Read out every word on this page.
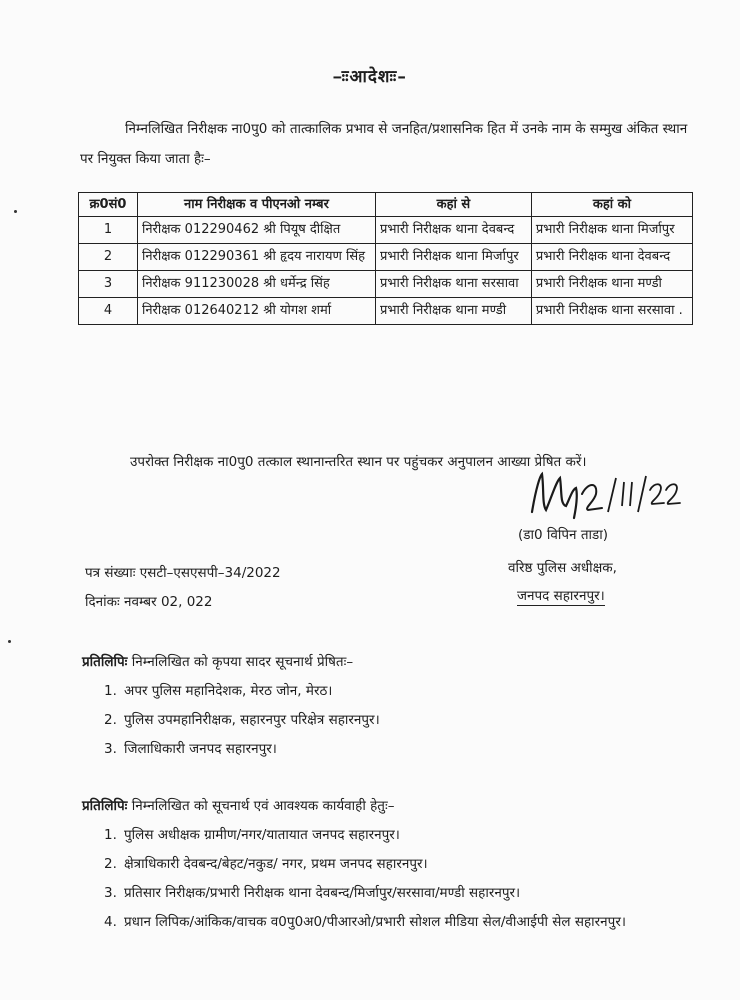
–ःःआदेशःः–
निम्नलिखित निरीक्षक ना0पु0 को तात्कालिक प्रभाव से जनहित/प्रशासनिक हित में उनके नाम के सम्मुख अंकित स्थान पर नियुक्त किया जाता हैः–
क्र0सं0	नाम निरीक्षक व पीएनओ नम्बर	कहां से	कहां को
1	निरीक्षक 012290462 श्री पियूष दीक्षित	प्रभारी निरीक्षक थाना देवबन्द	प्रभारी निरीक्षक थाना मिर्जापुर
2	निरीक्षक 012290361 श्री हृदय नारायण सिंह	प्रभारी निरीक्षक थाना मिर्जापुर	प्रभारी निरीक्षक थाना देवबन्द
3	निरीक्षक 911230028 श्री धर्मेन्द्र सिंह	प्रभारी निरीक्षक थाना सरसावा	प्रभारी निरीक्षक थाना मण्डी
4	निरीक्षक 012640212 श्री योगश शर्मा	प्रभारी निरीक्षक थाना मण्डी	प्रभारी निरीक्षक थाना सरसावा .
उपरोक्त निरीक्षक ना0पु0 तत्काल स्थानान्तरित स्थान पर पहुंचकर अनुपालन आख्या प्रेषित करें।
(डा0 विपिन ताडा)
वरिष्ठ पुलिस अधीक्षक,
जनपद सहारनपुर।
पत्र संख्याः एसटी–एसएसपी–34/2022
दिनांकः नवम्बर 02, 022
प्रतिलिपिः निम्नलिखित को कृपया सादर सूचनार्थ प्रेषितः–
1. अपर पुलिस महानिदेशक, मेरठ जोन, मेरठ।
2. पुलिस उपमहानिरीक्षक, सहारनपुर परिक्षेत्र सहारनपुर।
3. जिलाधिकारी जनपद सहारनपुर।
प्रतिलिपिः निम्नलिखित को सूचनार्थ एवं आवश्यक कार्यवाही हेतुः–
1. पुलिस अधीक्षक ग्रामीण/नगर/यातायात जनपद सहारनपुर।
2. क्षेत्राधिकारी देवबन्द/बेहट/नकुड/ नगर, प्रथम जनपद सहारनपुर।
3. प्रतिसार निरीक्षक/प्रभारी निरीक्षक थाना देवबन्द/मिर्जापुर/सरसावा/मण्डी सहारनपुर।
4. प्रधान लिपिक/आंकिक/वाचक व0पु0अ0/पीआरओ/प्रभारी सोशल मीडिया सेल/वीआईपी सेल सहारनपुर।
